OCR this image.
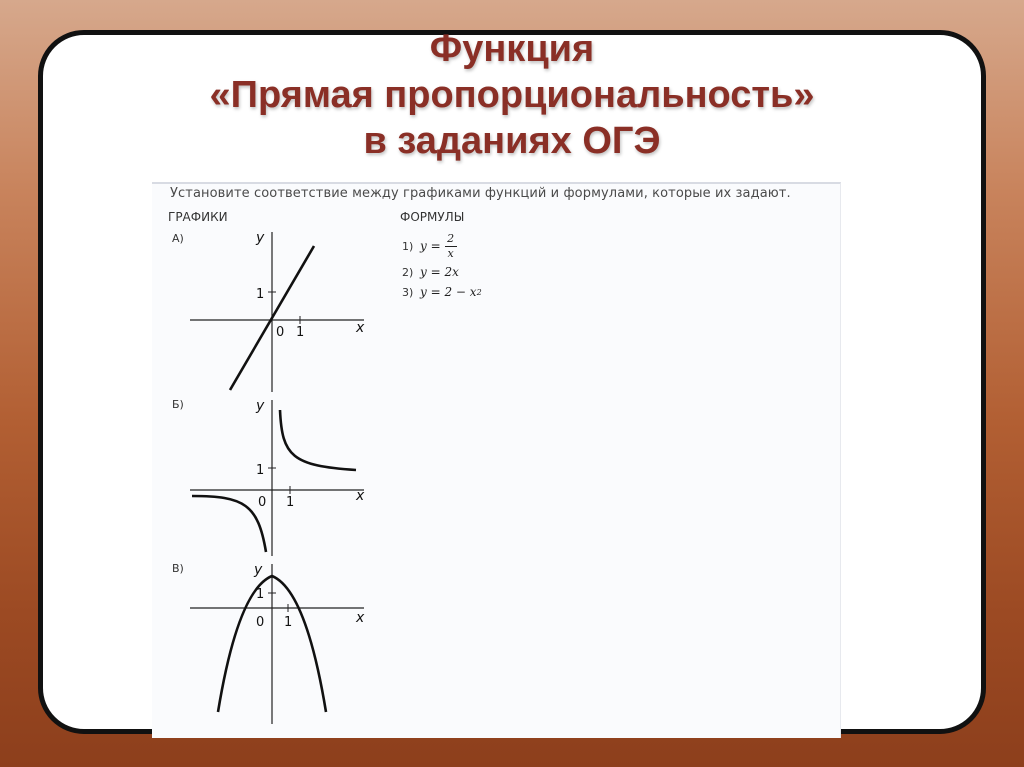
Функция
«Прямая пропорциональность»
в заданиях ОГЭ
Установите соответствие между графиками функций и формулами, которые их задают.
ГРАФИКИ	ФОРМУЛЫ
А)
Б)
В)
x
y
0 1
1
x
y
0 1
1
x
y
0 1
1
1) $y = \frac{2}{x}$
2) y = 2x
3) y = 2 − x 2
